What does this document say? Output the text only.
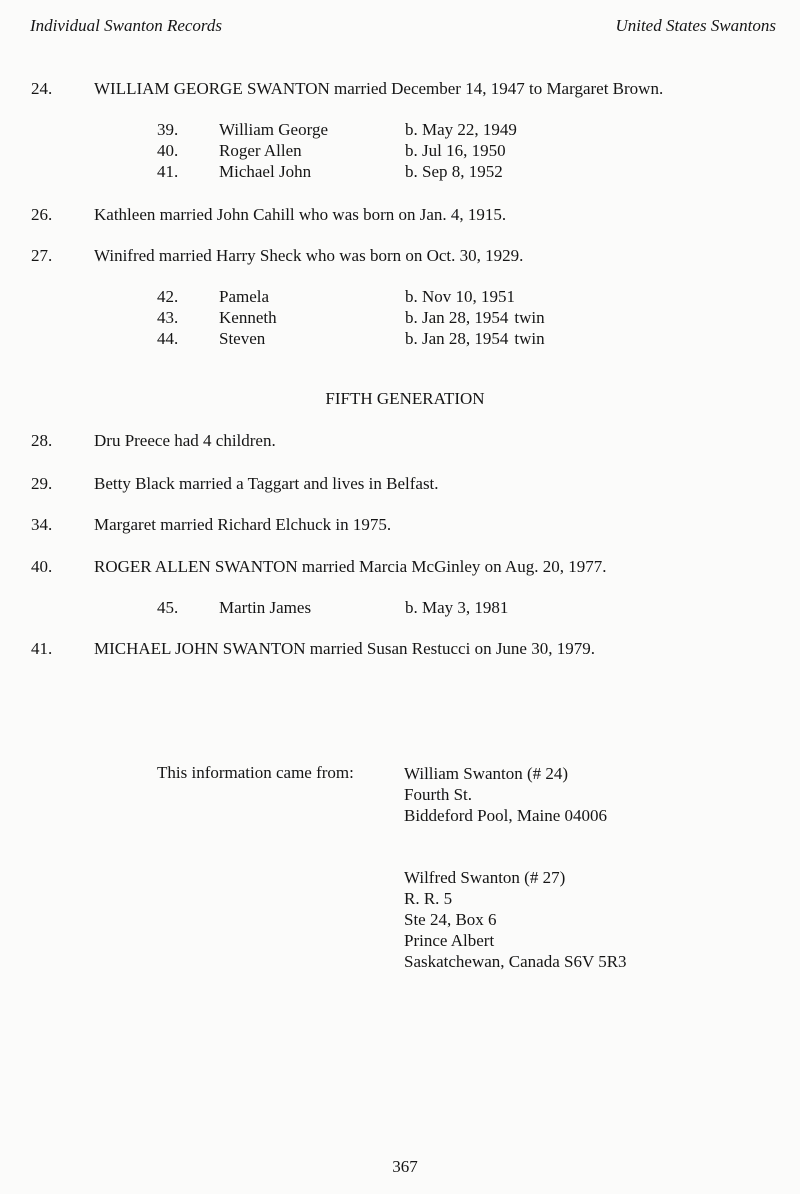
Individual Swanton Records	United States Swantons
24. WILLIAM GEORGE SWANTON married December 14, 1947 to Margaret Brown.
39. William George	b. May 22, 1949
40. Roger Allen	b. Jul 16, 1950
41. Michael John	b. Sep 8, 1952
26. Kathleen married John Cahill who was born on Jan. 4, 1915.
27. Winifred married Harry Sheck who was born on Oct. 30, 1929.
42. Pamela	b. Nov 10, 1951
43. Kenneth	b. Jan 28, 1954 twin
44. Steven	b. Jan 28, 1954 twin
FIFTH GENERATION
28. Dru Preece had 4 children.
29. Betty Black married a Taggart and lives in Belfast.
34. Margaret married Richard Elchuck in 1975.
40. ROGER ALLEN SWANTON married Marcia McGinley on Aug. 20, 1977.
45. Martin James	b. May 3, 1981
41. MICHAEL JOHN SWANTON married Susan Restucci on June 30, 1979.
This information came from:	William Swanton (# 24)
Fourth St.
Biddeford Pool, Maine 04006
Wilfred Swanton (# 27)
R. R. 5
Ste 24, Box 6
Prince Albert
Saskatchewan, Canada S6V 5R3
367
